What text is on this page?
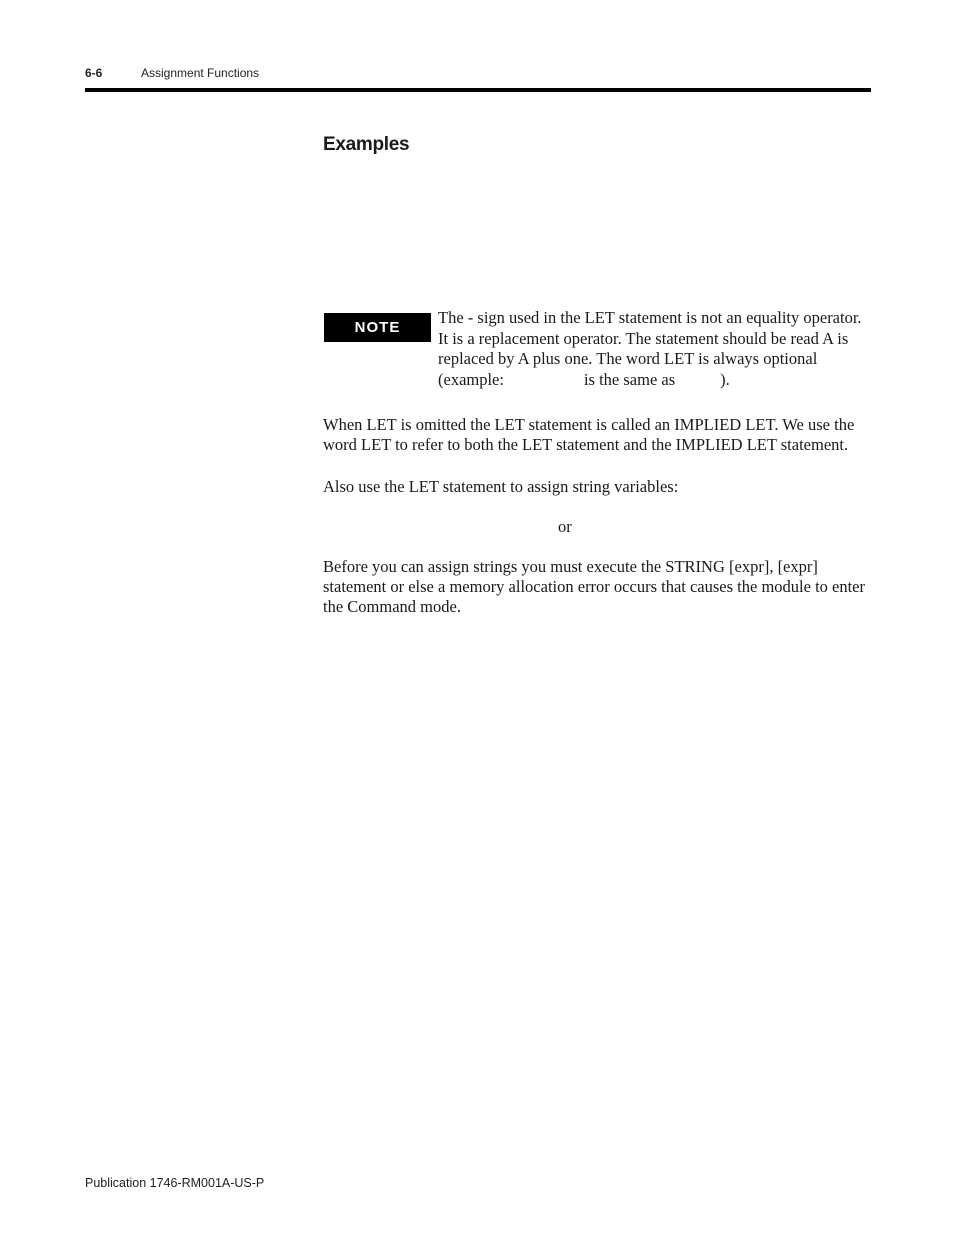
6-6	Assignment Functions
Examples
NOTE

The - sign used in the LET statement is not an equality operator. It is a replacement operator. The statement should be read A is replaced by A plus one. The word LET is always optional (example:	is the same as	).

When LET is omitted the LET statement is called an IMPLIED LET. We use the word LET to refer to both the LET statement and the IMPLIED LET statement.

Also use the LET statement to assign string variables:

or

Before you can assign strings you must execute the STRING [expr], [expr] statement or else a memory allocation error occurs that causes the module to enter the Command mode.

Publication 1746-RM001A-US-P
